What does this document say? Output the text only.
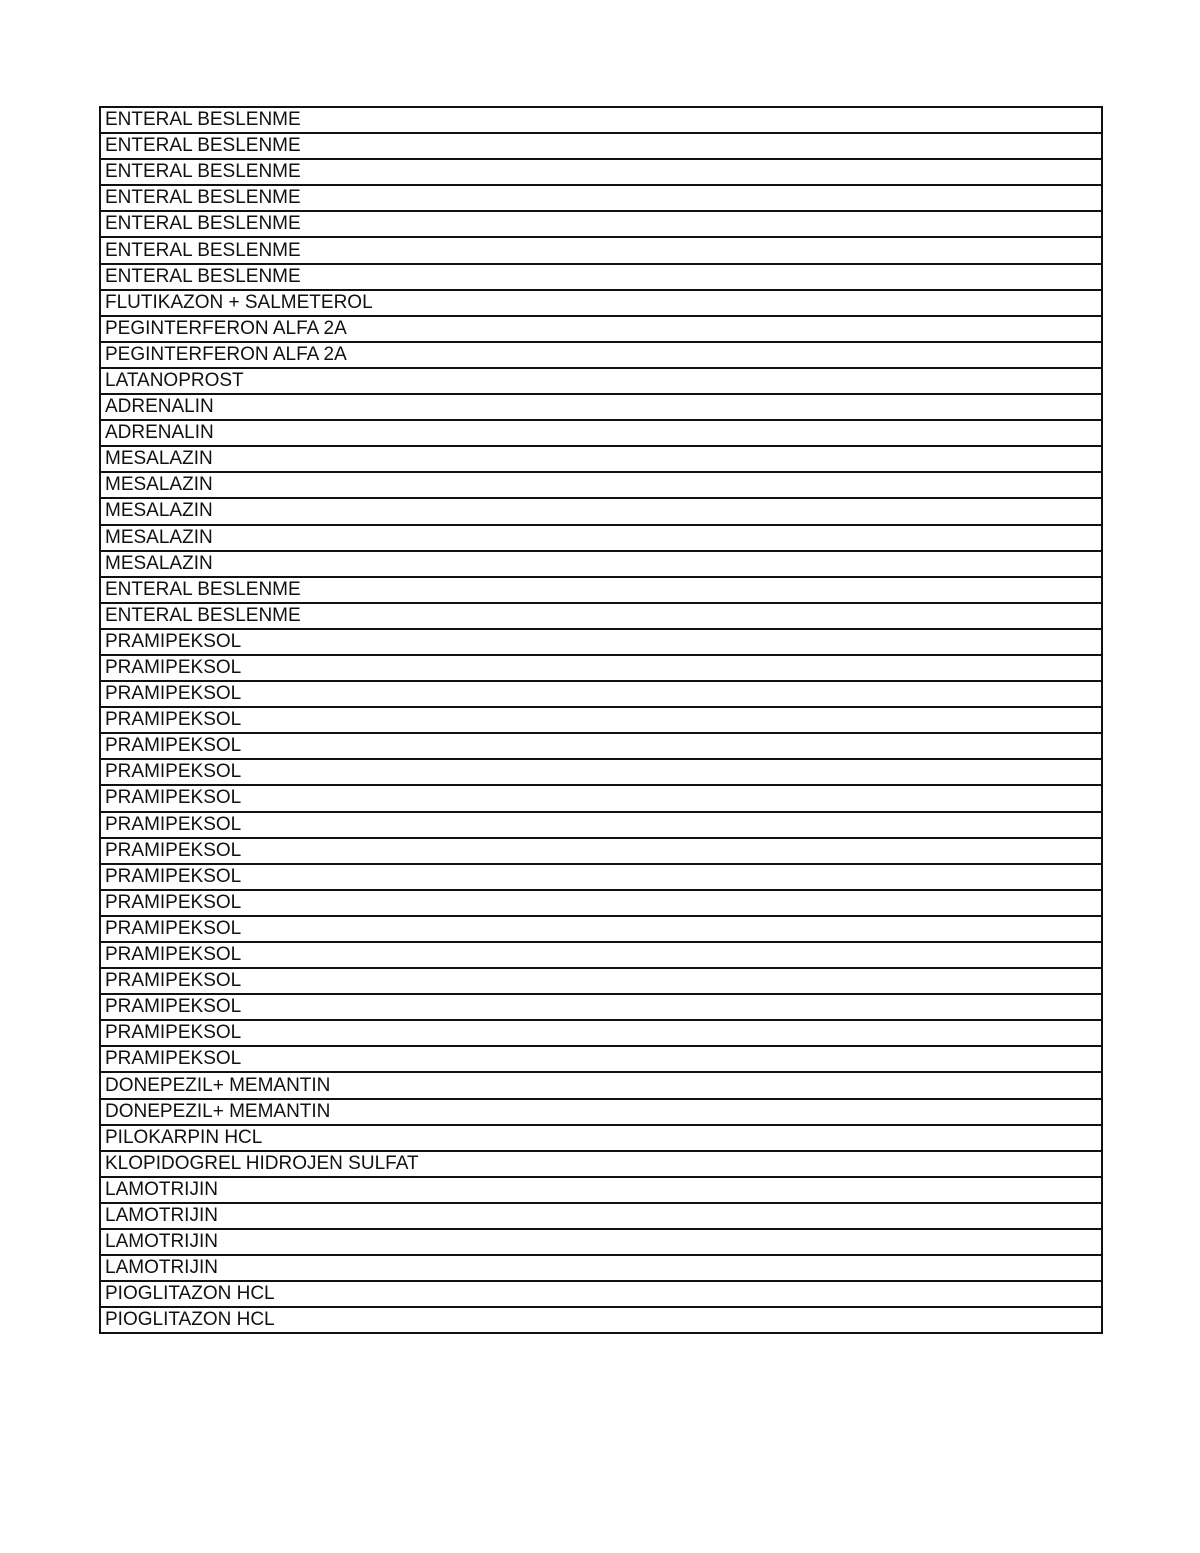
ENTERAL BESLENME
ENTERAL BESLENME
ENTERAL BESLENME
ENTERAL BESLENME
ENTERAL BESLENME
ENTERAL BESLENME
ENTERAL BESLENME
FLUTIKAZON + SALMETEROL
PEGINTERFERON ALFA 2A
PEGINTERFERON ALFA 2A
LATANOPROST
ADRENALIN
ADRENALIN
MESALAZIN
MESALAZIN
MESALAZIN
MESALAZIN
MESALAZIN
ENTERAL BESLENME
ENTERAL BESLENME
PRAMIPEKSOL
PRAMIPEKSOL
PRAMIPEKSOL
PRAMIPEKSOL
PRAMIPEKSOL
PRAMIPEKSOL
PRAMIPEKSOL
PRAMIPEKSOL
PRAMIPEKSOL
PRAMIPEKSOL
PRAMIPEKSOL
PRAMIPEKSOL
PRAMIPEKSOL
PRAMIPEKSOL
PRAMIPEKSOL
PRAMIPEKSOL
PRAMIPEKSOL
DONEPEZIL+ MEMANTIN
DONEPEZIL+ MEMANTIN
PILOKARPIN HCL
KLOPIDOGREL HIDROJEN SULFAT
LAMOTRIJIN
LAMOTRIJIN
LAMOTRIJIN
LAMOTRIJIN
PIOGLITAZON HCL
PIOGLITAZON HCL
